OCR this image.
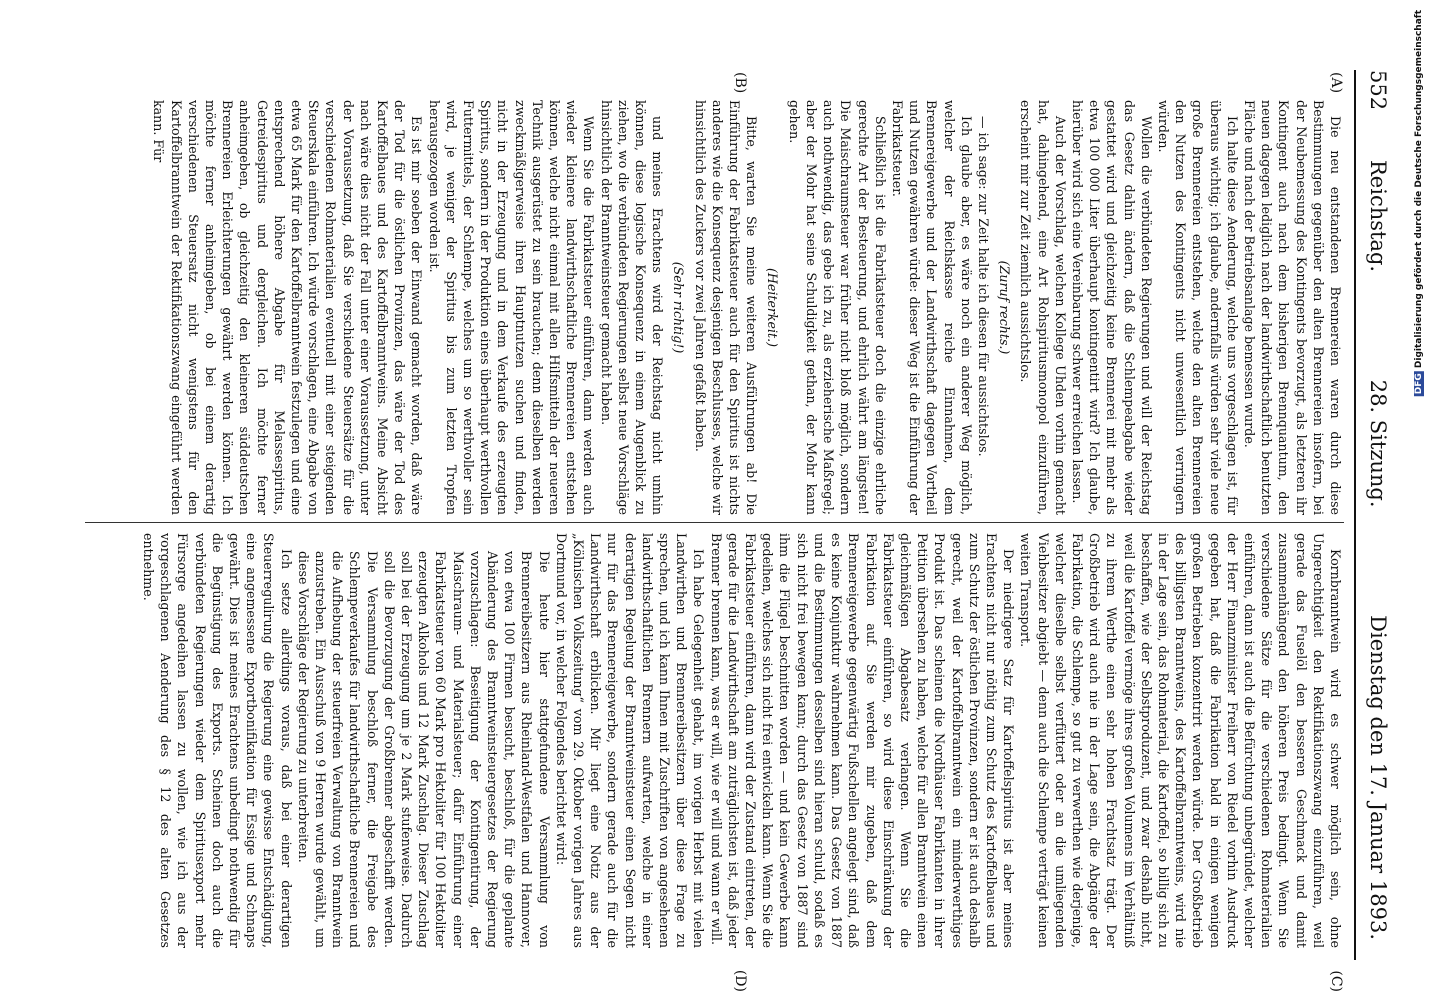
552
Reichstag.
28. Sitzung.
Dienstag den 17. Januar 1893.
(A)
(B)
(C)
(D)

Die neu entstandenen Brennereien waren durch diese Bestimmungen gegenüber den alten Brennereien insofern, bei der Neubemessung des Kontingents bevorzugt, als letzteren ihr Kontingent auch nach dem bisherigen Brennquantum, den neuen dagegen lediglich nach der landwirthschaftlich benutzten Fläche und nach der Betriebsanlage bemessen wurde.

Ich halte diese Aenderung, welche uns vorgeschlagen ist, für überaus wichtig; ich glaube, andernfalls würden sehr viele neue große Brennereien entstehen, welche den alten Brennereien den Nutzen des Kontingents nicht unwesentlich verringern würden.

Wollen die verbündeten Regierungen und will der Reichstag das Gesetz dahin ändern, daß die Schlempeabgabe wieder gestattet wird und gleichzeitig keine Brennerei mit mehr als etwa 100 000 Liter überhaupt kontingentirt wird? Ich glaube, hierüber wird sich eine Vereinbarung schwer erreichen lassen.

Auch der Vorschlag, welchen Kollege Uhden vorhin gemacht hat, dahingehend, eine Art Rohspiritusmonopol einzuführen, erscheint mir zur Zeit ziemlich aussichtslos.

(Zuruf rechts.)

— ich sage: zur Zeit halte ich diesen für aussichtslos.

Ich glaube aber, es wäre noch ein anderer Weg möglich, welcher der Reichskasse reiche Einnahmen, dem Brennereigewerbe und der Landwirthschaft dagegen Vortheil und Nutzen gewähren würde: dieser Weg ist die Einführung der Fabrikatsteuer.

Schließlich ist die Fabrikatsteuer doch die einzige ehrliche gerechte Art der Besteuerung, und ehrlich währt am längsten! Die Maischraumsteuer war früher nicht bloß möglich, sondern auch nothwendig, das gebe ich zu, als erzieherische Maßregel; aber der Mohr hat seine Schuldigkeit gethan, der Mohr kann gehen.

(Heiterkeit.)

Bitte, warten Sie meine weiteren Ausführungen ab! Die Einführung der Fabrikatsteuer auch für den Spiritus ist nichts anderes wie die Konsequenz desjenigen Beschlusses, welche wir hinsichtlich des Zuckers vor zwei Jahren gefaßt haben.

(Sehr richtig!)

und meines Erachtens wird der Reichstag nicht umhin können, diese logische Konsequenz in einem Augenblick zu ziehen, wo die verbündeten Regierungen selbst neue Vorschläge hinsichtlich der Branntweinsteuer gemacht haben.

Wenn Sie die Fabrikatsteuer einführen, dann werden auch wieder kleinere landwirthschaftliche Brennereien entstehen können, welche nicht einmal mit allen Hilfsmitteln der neueren Technik ausgerüstet zu sein brauchen; denn dieselben werden zweckmäßigerweise ihren Hauptnutzen suchen und finden, nicht in der Erzeugung und in dem Verkaufe des erzeugten Spiritus, sondern in der Produktion eines überhaupt werthvollen Futtermittels, der Schlempe, welches um so werthvoller sein wird, je weniger der Spiritus bis zum letzten Tropfen herausgezogen worden ist.

Es ist mir soeben der Einwand gemacht worden, daß wäre der Tod für die östlichen Provinzen, das wäre der Tod des Kartoffelbaues und des Kartoffelbranntweins. Meine Absicht nach wäre dies nicht der Fall unter einer Voraussetzung, unter der Voraussetzung, daß Sie verschiedene Steuersätze für die verschiedenen Rohmaterialien eventuell mit einer steigenden Steuerskala einführen. Ich würde vorschlagen, eine Abgabe von etwa 65 Mark für den Kartoffelbranntwein festzulegen und eine entsprechend höhere Abgabe für Melassespiritus, Getreidespiritus und dergleichen. Ich möchte ferner anheimgeben, ob gleichzeitig den kleineren süddeutschen Brennereien Erleichterungen gewährt werden können. Ich möchte ferner anheimgeben, ob bei einem derartig verschiedenen Steuersatz nicht wenigstens für den Kartoffelbranntwein der Rektifikationszwang eingeführt werden kann. Für

Kornbranntwein wird es schwer möglich sein, ohne Ungerechtigkeit den Rektifikationszwang einzuführen, weil gerade das Fuselöl den besseren Geschmack und damit zusammenhängend den höheren Preis bedingt. Wenn Sie verschiedene Sätze für die verschiedenen Rohmaterialien einführen, dann ist auch die Befürchtung unbegründet, welcher der Herr Finanzminister Freiherr von Riedel vorhin Ausdruck gegeben hat, daß die Fabrikation bald in einigen wenigen großen Betrieben konzentrirt werden würde. Der Großbetrieb des billigsten Branntweins, des Kartoffelbranntweins, wird nie in der Lage sein, das Rohmaterial, die Kartoffel, so billig sich zu beschaffen, wie der Selbstproduzent, und zwar deshalb nicht, weil die Kartoffel vermöge ihres großen Volumens im Verhältniß zu ihrem Werthe einen sehr hohen Frachtsatz trägt. Der Großbetrieb wird auch nie in der Lage sein, die Abgänge der Fabrikation, die Schlempe, so gut zu verwerthen wie derjenige, welcher dieselbe selbst verfüttert oder an die umliegenden Viehbesitzer abgiebt — denn auch die Schlempe verträgt keinen weiten Transport.

Der niedrigere Satz für Kartoffelspiritus ist aber meines Erachtens nicht nur nöthig zum Schutz des Kartoffelbaues und zum Schutz der östlichen Provinzen, sondern er ist auch deshalb gerecht, weil der Kartoffelbranntwein ein minderwerthiges Produkt ist. Das scheinen die Nordhäuser Fabrikanten in ihrer Petition übersehen zu haben, welche für allen Branntwein einen gleichmäßigen Abgabesatz verlangen. Wenn Sie die Fabrikatsteuer einführen, so wird diese Einschränkung der Fabrikation auf. Sie werden mir zugeben, daß dem Brennereigewerbe gegenwärtig Fußschellen angelegt sind, daß es keine Konjunktur wahrnehmen kann. Das Gesetz von 1887 und die Bestimmungen desselben sind hieran schuld, sodaß es sich nicht frei bewegen kann; durch das Gesetz von 1887 sind ihm die Flügel beschnitten worden — und kein Gewerbe kann gedeihen, welches sich nicht frei entwickeln kann. Wenn Sie die Fabrikatsteuer einführen, dann wird der Zustand eintreten, der gerade für die Landwirthschaft am zuträglichsten ist, daß jeder Brenner brennen kann, was er will, wie er will und wann er will.

Ich habe Gelegenheit gehabt, im vorigen Herbst mit vielen Landwirthen und Brennereibesitzern über diese Frage zu sprechen, und ich kann Ihnen mit Zuschriften von angesehenen landwirthschaftlichen Brennern aufwarten, welche in einer derartigen Regelung der Branntweinsteuer einen Segen nicht nur für das Brennereigewerbe, sondern gerade auch für die Landwirthschaft erblicken. Mir liegt eine Notiz aus der „Kölnischen Volkszeitung“ vom 29. Oktober vorigen Jahres aus Dortmund vor, in welcher Folgendes berichtet wird:

Die heute hier stattgefundene Versammlung von Brennereibesitzern aus Rheinland-Westfalen und Hannover, von etwa 100 Firmen besucht, beschloß, für die geplante Abänderung des Branntweinsteuergesetzes der Regierung vorzuschlagen: Beseitigung der Kontingentirung, der Maischraum- und Materialsteuer; dafür Einführung einer Fabrikatsteuer von 60 Mark pro Hektoliter für 100 Hektoliter erzeugten Alkohols und 12 Mark Zuschlag. Dieser Zuschlag soll bei der Erzeugung um je 2 Mark stufenweise. Dadurch soll die Bevorzugung der Großbrenner abgeschafft werden. Die Versammlung beschloß ferner, die Freigabe des Schlempeverkaufes für landwirthschaftliche Brennereien und die Aufhebung der steuerfreien Verwaltung von Branntwein anzustreben. Ein Ausschuß von 9 Herren wurde gewählt, um diese Vorschläge der Regierung zu unterbreiten.

Ich setze allerdings voraus, daß bei einer derartigen Steuerregulirung die Regierung eine gewisse Entschädigung, eine angemessene Exportbonifikation für Essige und Schnaps gewährt. Dies ist meines Erachtens unbedingt nothwendig für die Begünstigung des Exports. Scheinen doch auch die verbündeten Regierungen wieder dem Spiritusexport mehr Fürsorge angedeihen lassen zu wollen, wie ich aus der vorgeschlagenen Aenderung des § 12 des alten Gesetzes entnehme.

DFG Digitalisierung gefördert durch die Deutsche Forschungsgemeinschaft
